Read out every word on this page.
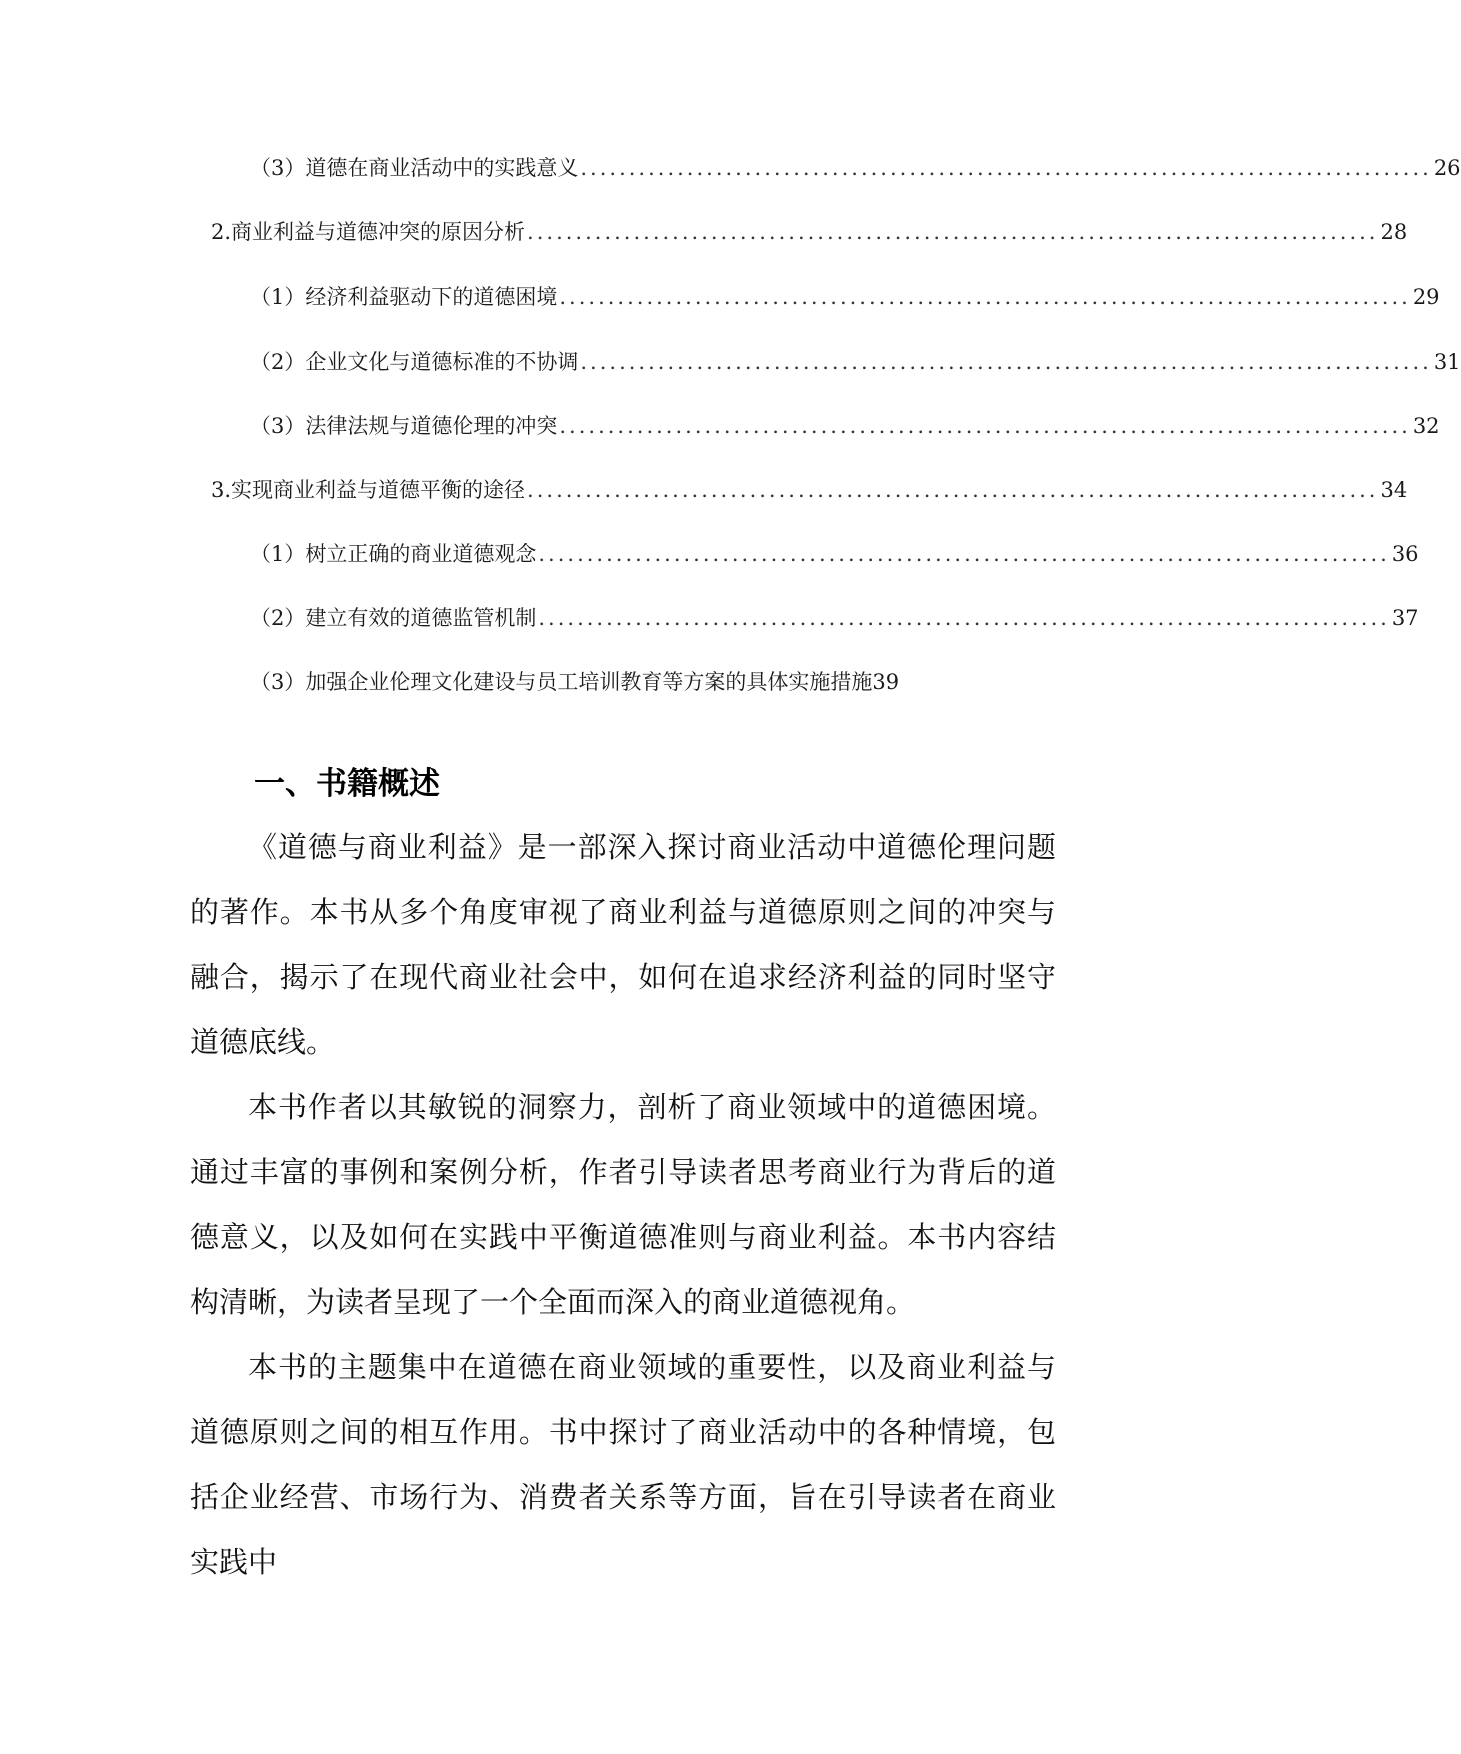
（3） 道德在商业活动中的实践意义 ........................................................................................ 26
2. 商业利益与道德冲突的原因分析 ........................................................................................ 28
（1） 经济利益驱动下的道德困境 ........................................................................................ 29
（2） 企业文化与道德标准的不协调 ........................................................................................ 31
（3） 法律法规与道德伦理的冲突 ........................................................................................ 32
3. 实现商业利益与道德平衡的途径 ........................................................................................ 34
（1） 树立正确的商业道德观念 ........................................................................................ 36
（2） 建立有效的道德监管机制 ........................................................................................ 37
（3） 加强企业伦理文化建设与员工培训教育等方案的具体实施措施 39
一、书籍概述

《道德与商业利益》是一部深入探讨商业活动中道德伦理问题的著作。本书从多个角度审视了商业利益与道德原则之间的冲突与融合，揭示了在现代商业社会中，如何在追求经济利益的同时坚守道德底线。

本书作者以其敏锐的洞察力，剖析了商业领域中的道德困境。通过丰富的事例和案例分析，作者引导读者思考商业行为背后的道德意义，以及如何在实践中平衡道德准则与商业利益。本书内容结构清晰，为读者呈现了一个全面而深入的商业道德视角。

本书的主题集中在道德在商业领域的重要性，以及商业利益与道德原则之间的相互作用。书中探讨了商业活动中的各种情境，包括企业经营、市场行为、消费者关系等方面，旨在引导读者在商业实践中
